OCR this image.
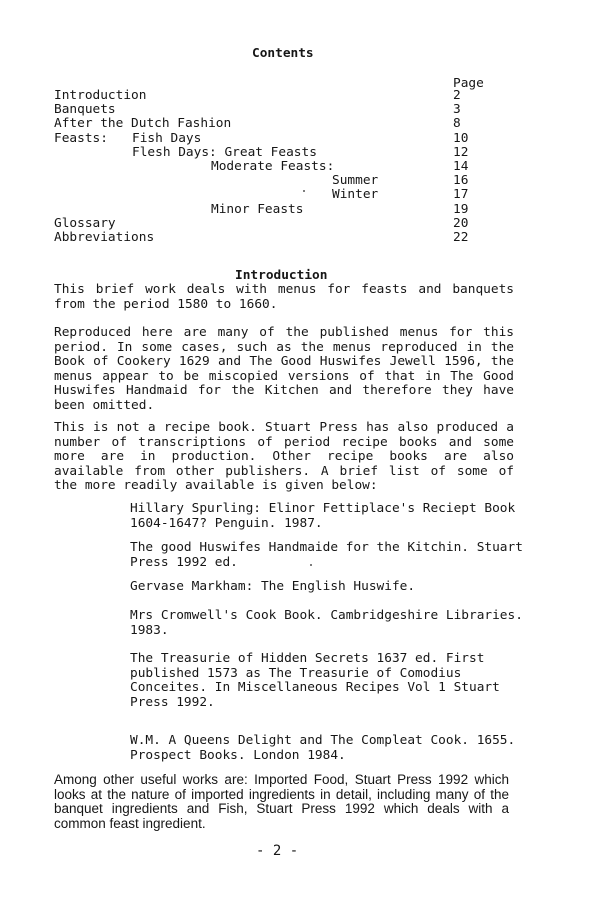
Contents
Page
Introduction	2
Banquets	3
After the Dutch Fashion	8
Feasts: Fish Days	10
Flesh Days: Great Feasts	12
Moderate Feasts:	14
Summer	16
Winter	17
Minor Feasts	19
Glossary	20
Abbreviations	22
Introduction
This brief work deals with menus for feasts and banquets from the period 1580 to 1660.
Reproduced here are many of the published menus for this period. In some cases, such as the menus reproduced in the Book of Cookery 1629 and The Good Huswifes Jewell 1596, the menus appear to be miscopied versions of that in The Good Huswifes Handmaid for the Kitchen and therefore they have been omitted.
This is not a recipe book. Stuart Press has also produced a number of transcriptions of period recipe books and some more are in production. Other recipe books are also available from other publishers. A brief list of some of the more readily available is given below:
Hillary Spurling: Elinor Fettiplace's Reciept Book 1604-1647? Penguin. 1987.
The good Huswifes Handmaide for the Kitchin. Stuart Press 1992 ed.
Gervase Markham: The English Huswife.
Mrs Cromwell's Cook Book. Cambridgeshire Libraries. 1983.
The Treasurie of Hidden Secrets 1637 ed. First published 1573 as The Treasurie of Comodius Conceites. In Miscellaneous Recipes Vol 1 Stuart Press 1992.
W.M. A Queens Delight and The Compleat Cook. 1655. Prospect Books. London 1984.
Among other useful works are: Imported Food, Stuart Press 1992 which looks at the nature of imported ingredients in detail, including many of the banquet ingredients and Fish, Stuart Press 1992 which deals with a common feast ingredient.
- 2 -
